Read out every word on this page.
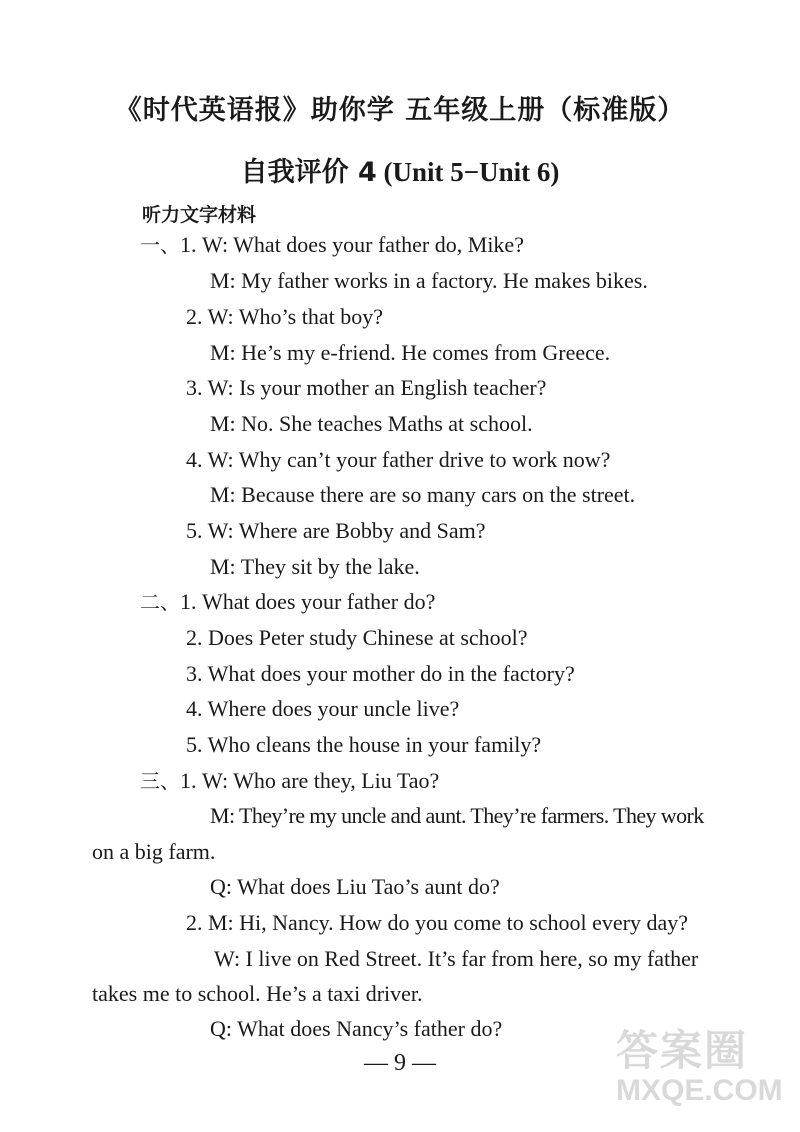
《时代英语报》助你学 五年级上册（标准版）
自我评价 4 (Unit 5−Unit 6)
听力文字材料
一、1. W: What does your father do, Mike?
M: My father works in a factory. He makes bikes.
2. W: Who’s that boy?
M: He’s my e-friend. He comes from Greece.
3. W: Is your mother an English teacher?
M: No. She teaches Maths at school.
4. W: Why can’t your father drive to work now?
M: Because there are so many cars on the street.
5. W: Where are Bobby and Sam?
M: They sit by the lake.
二、1. What does your father do?
2. Does Peter study Chinese at school?
3. What does your mother do in the factory?
4. Where does your uncle live?
5. Who cleans the house in your family?
三、1. W: Who are they, Liu Tao?
M: They’re my uncle and aunt. They’re farmers. They work
on a big farm.
Q: What does Liu Tao’s aunt do?
2. M: Hi, Nancy. How do you come to school every day?
W: I live on Red Street. It’s far from here, so my father
takes me to school. He’s a taxi driver.
Q: What does Nancy’s father do?
— 9 —	答案圈
MXQE.COM
